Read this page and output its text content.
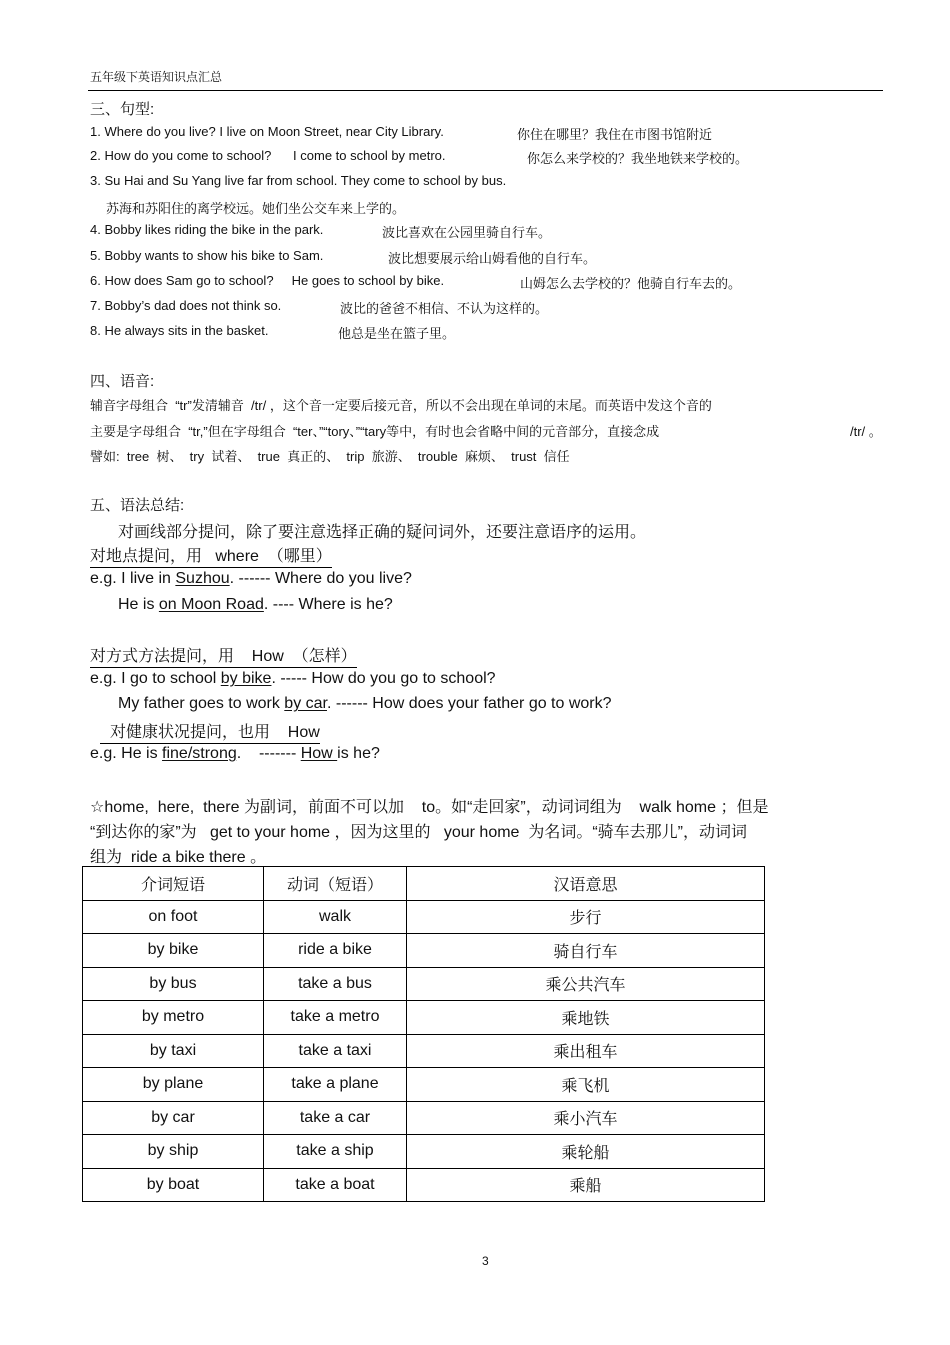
五年级下英语知识点汇总
三、句型:
1. Where do you live? I live on Moon Street, near City Library.	你住在哪里？我住在市图书馆附近
2. How do you come to school?      I come to school by metro.	你怎么来学校的？我坐地铁来学校的。
3. Su Hai and Su Yang live far from school. They come to school by bus.
苏海和苏阳住的离学校远。她们坐公交车来上学的。
4. Bobby likes riding the bike in the park.	波比喜欢在公园里骑自行车。
5. Bobby wants to show his bike to Sam.	波比想要展示给山姆看他的自行车。
6. How does Sam go to school?     He goes to school by bike.	山姆怎么去学校的？他骑自行车去的。
7. Bobby’s dad does not think so.	波比的爸爸不相信、不认为这样的。
8. He always sits in the basket.	他总是坐在篮子里。
四、语音:
辅音字母组合  “tr”发清辅音  /tr/ ，这个音一定要后接元音，所以不会出现在单词的末尾。而英语中发这个音的
主要是字母组合  “tr,”但在字母组合  “ter、”“tory、”“tary等中，有时也会省略中间的元音部分，直接念成	/tr/ 。
譬如:  tree  树、  try  试着、  true  真正的、  trip  旅游、  trouble  麻烦、  trust  信任
五、语法总结:
对画线部分提问，除了要注意选择正确的疑问词外，还要注意语序的运用。
对地点提问，用   where  （哪里）
e.g. I live in Suzhou. ------ Where do you live?
He is on Moon Road. ---- Where is he?
对方式方法提问，用    How  （怎样）
e.g. I go to school by bike. ----- How do you go to school?
My father goes to work by car. ------ How does your father go to work?
对健康状况提问，也用    How
e.g. He is fine/strong.    ------- How is he?
☆home,  here,  there 为副词，前面不可以加    to。如“走回家”，动词词组为    walk home ；但是
“到达你的家”为   get to your home ，因为这里的   your home  为名词。“骑车去那儿”，动词词
组为  ride a bike there 。
介词短语	动词（短语）	汉语意思
on foot	walk	步行
by bike	ride a bike	骑自行车
by bus	take a bus	乘公共汽车
by metro	take a metro	乘地铁
by taxi	take a taxi	乘出租车
by plane	take a plane	乘飞机
by car	take a car	乘小汽车
by ship	take a ship	乘轮船
by boat	take a boat	乘船
3
